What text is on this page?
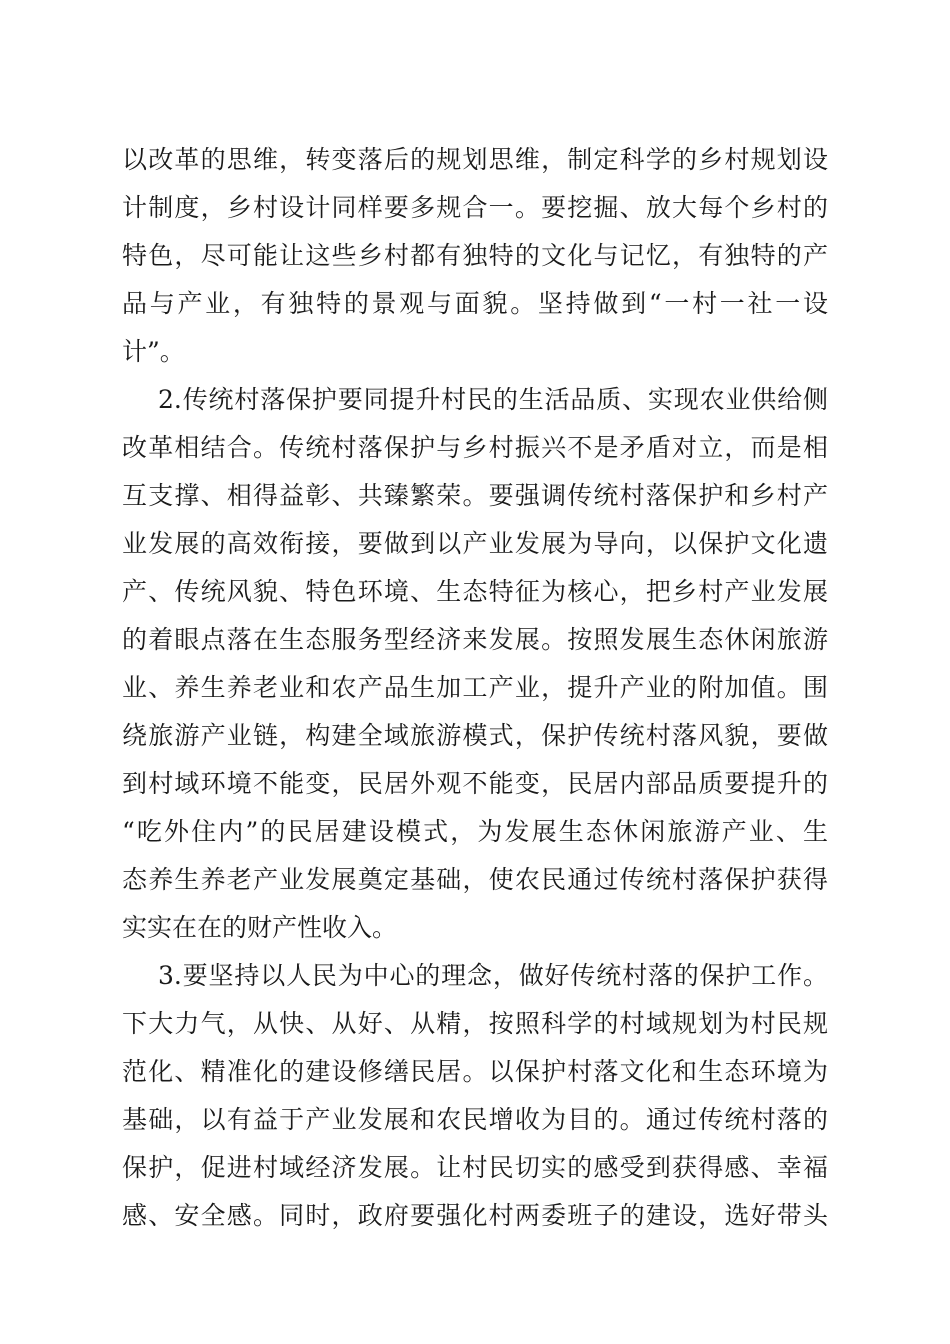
以改革的思维，转变落后的规划思维，制定科学的乡村规划设
计制度，乡村设计同样要多规合一。要挖掘、放大每个乡村的
特色，尽可能让这些乡村都有独特的文化与记忆，有独特的产
品与产业，有独特的景观与面貌。坚持做到“一村一社一设
计”。
2.传统村落保护要同提升村民的生活品质、实现农业供给侧
改革相结合。传统村落保护与乡村振兴不是矛盾对立，而是相
互支撑、相得益彰、共臻繁荣。要强调传统村落保护和乡村产
业发展的高效衔接，要做到以产业发展为导向，以保护文化遗
产、传统风貌、特色环境、生态特征为核心，把乡村产业发展
的着眼点落在生态服务型经济来发展。按照发展生态休闲旅游
业、养生养老业和农产品生加工产业，提升产业的附加值。围
绕旅游产业链，构建全域旅游模式，保护传统村落风貌，要做
到村域环境不能变，民居外观不能变，民居内部品质要提升的
“吃外住内”的民居建设模式，为发展生态休闲旅游产业、生
态养生养老产业发展奠定基础，使农民通过传统村落保护获得
实实在在的财产性收入。
3.要坚持以人民为中心的理念，做好传统村落的保护工作。
下大力气，从快、从好、从精，按照科学的村域规划为村民规
范化、精准化的建设修缮民居。以保护村落文化和生态环境为
基础，以有益于产业发展和农民增收为目的。通过传统村落的
保护，促进村域经济发展。让村民切实的感受到获得感、幸福
感、安全感。同时，政府要强化村两委班子的建设，选好带头
